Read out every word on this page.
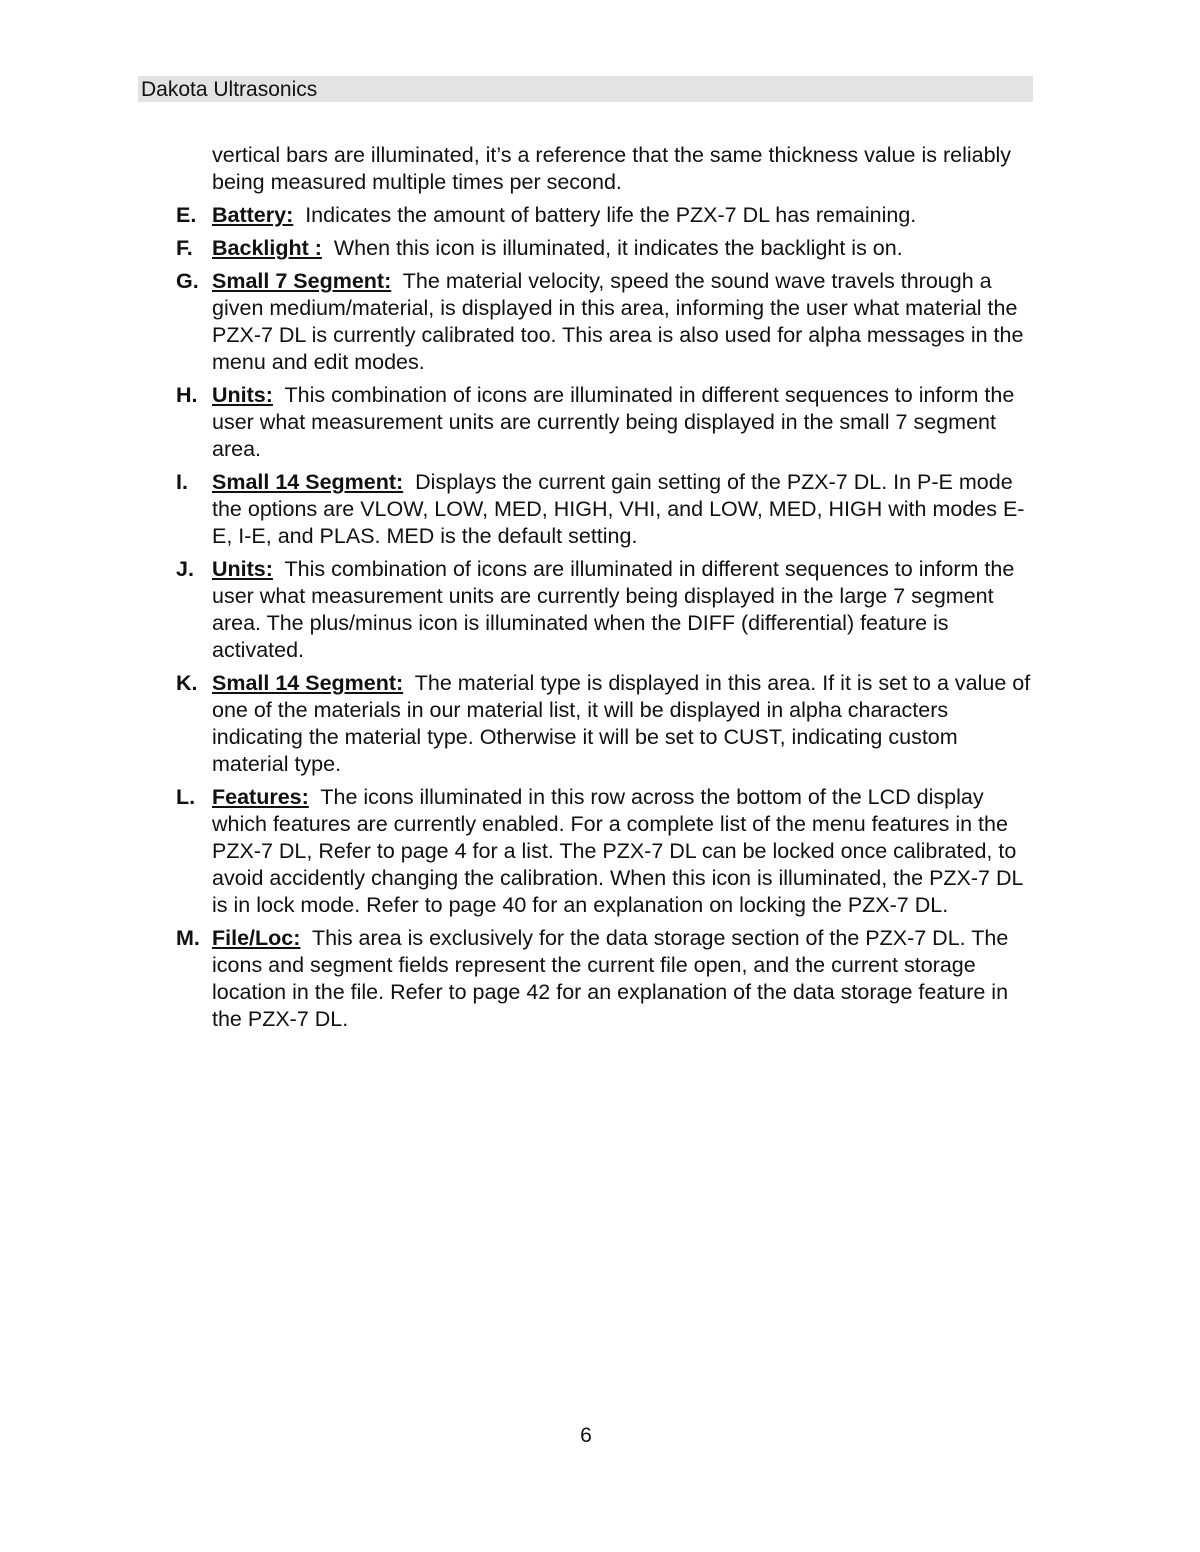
Dakota Ultrasonics
vertical bars are illuminated, it’s a reference that the same thickness value is reliably being measured multiple times per second.
E. Battery: Indicates the amount of battery life the PZX-7 DL has remaining.
F. Backlight : When this icon is illuminated, it indicates the backlight is on.
G. Small 7 Segment: The material velocity, speed the sound wave travels through a given medium/material, is displayed in this area, informing the user what material the PZX-7 DL is currently calibrated too. This area is also used for alpha messages in the menu and edit modes.
H. Units: This combination of icons are illuminated in different sequences to inform the user what measurement units are currently being displayed in the small 7 segment area.
I.	Small 14 Segment: Displays the current gain setting of the PZX-7 DL. In P-E mode the options are VLOW, LOW, MED, HIGH, VHI, and LOW, MED, HIGH with modes E-E, I-E, and PLAS. MED is the default setting.
J. Units: This combination of icons are illuminated in different sequences to inform the user what measurement units are currently being displayed in the large 7 segment area. The plus/minus icon is illuminated when the DIFF (differential) feature is activated.
K. Small 14 Segment: The material type is displayed in this area. If it is set to a value of one of the materials in our material list, it will be displayed in alpha characters indicating the material type. Otherwise it will be set to CUST, indicating custom material type.
L. Features: The icons illuminated in this row across the bottom of the LCD display which features are currently enabled. For a complete list of the menu features in the PZX-7 DL, Refer to page 4 for a list. The PZX-7 DL can be locked once calibrated, to avoid accidently changing the calibration. When this icon is illuminated, the PZX-7 DL is in lock mode. Refer to page 40 for an explanation on locking the PZX-7 DL.
M. File/Loc: This area is exclusively for the data storage section of the PZX-7 DL. The icons and segment fields represent the current file open, and the current storage location in the file. Refer to page 42 for an explanation of the data storage feature in the PZX-7 DL.
6
